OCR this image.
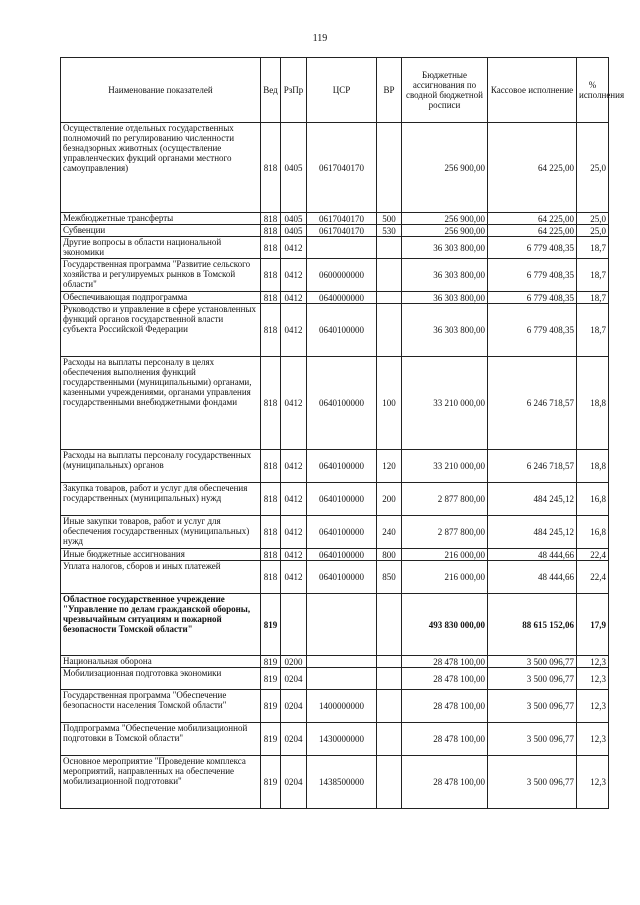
119
Наименование показателей	Вед	РзПр	ЦСР	ВР	Бюджетные ассигнования по сводной бюджетной росписи	Кассовое исполнение	% исполнения
Осуществление отдельных государственных полномочий по регулированию численности безнадзорных животных (осуществление управленческих фукций органами местного самоуправления)	818	0405	0617040170		256 900,00	64 225,00	25,0
Межбюджетные трансферты	818	0405	0617040170	500	256 900,00	64 225,00	25,0
Субвенции	818	0405	0617040170	530	256 900,00	64 225,00	25,0
Другие вопросы в области национальной экономики	818	0412			36 303 800,00	6 779 408,35	18,7
Государственная программа "Развитие сельского хозяйства и регулируемых рынков в Томской области"	818	0412	0600000000		36 303 800,00	6 779 408,35	18,7
Обеспечивающая подпрограмма	818	0412	0640000000		36 303 800,00	6 779 408,35	18,7
Руководство и управление в сфере установленных функций органов государственной власти субъекта Российской Федерации	818	0412	0640100000		36 303 800,00	6 779 408,35	18,7
Расходы на выплаты персоналу в целях обеспечения выполнения функций государственными (муниципальными) органами, казенными учреждениями, органами управления государственными внебюджетными фондами	818	0412	0640100000	100	33 210 000,00	6 246 718,57	18,8
Расходы на выплаты персоналу государственных (муниципальных) органов	818	0412	0640100000	120	33 210 000,00	6 246 718,57	18,8
Закупка товаров, работ и услуг для обеспечения государственных (муниципальных) нужд	818	0412	0640100000	200	2 877 800,00	484 245,12	16,8
Иные закупки товаров, работ и услуг для обеспечения государственных (муниципальных) нужд	818	0412	0640100000	240	2 877 800,00	484 245,12	16,8
Иные бюджетные ассигнования	818	0412	0640100000	800	216 000,00	48 444,66	22,4
Уплата налогов, сборов и иных платежей	818	0412	0640100000	850	216 000,00	48 444,66	22,4
Областное государственное учреждение "Управление по делам гражданской обороны, чрезвычайным ситуациям и пожарной безопасности Томской области"	819				493 830 000,00	88 615 152,06	17,9
Национальная оборона	819	0200			28 478 100,00	3 500 096,77	12,3
Мобилизационная подготовка экономики	819	0204			28 478 100,00	3 500 096,77	12,3
Государственная программа "Обеспечение безопасности населения Томской области"	819	0204	1400000000		28 478 100,00	3 500 096,77	12,3
Подпрограмма "Обеспечение мобилизационной подготовки в Томской области"	819	0204	1430000000		28 478 100,00	3 500 096,77	12,3
Основное мероприятие "Проведение комплекса мероприятий, направленных на обеспечение мобилизационной подготовки"	819	0204	1438500000		28 478 100,00	3 500 096,77	12,3
